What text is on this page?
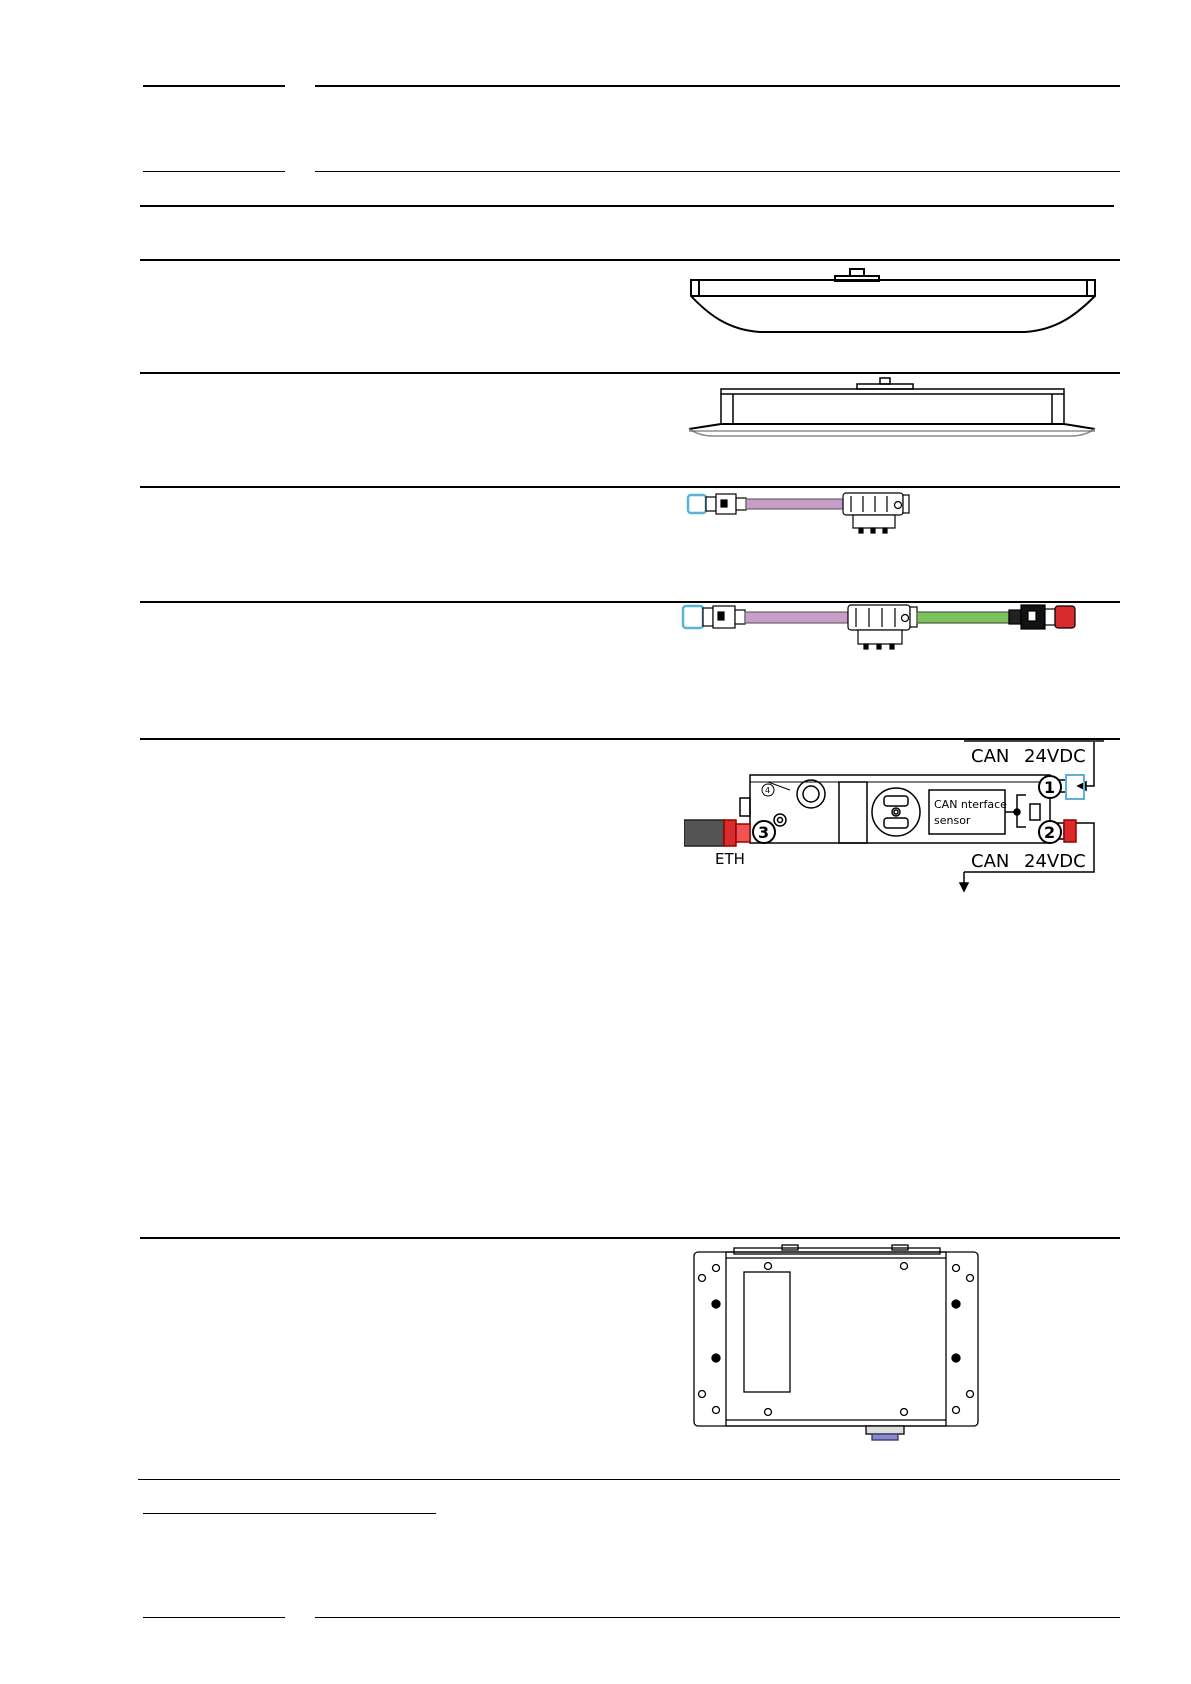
CAN 24VDC
CAN 24VDC
CAN nterface
sensor
ETH
1
2
3
4
